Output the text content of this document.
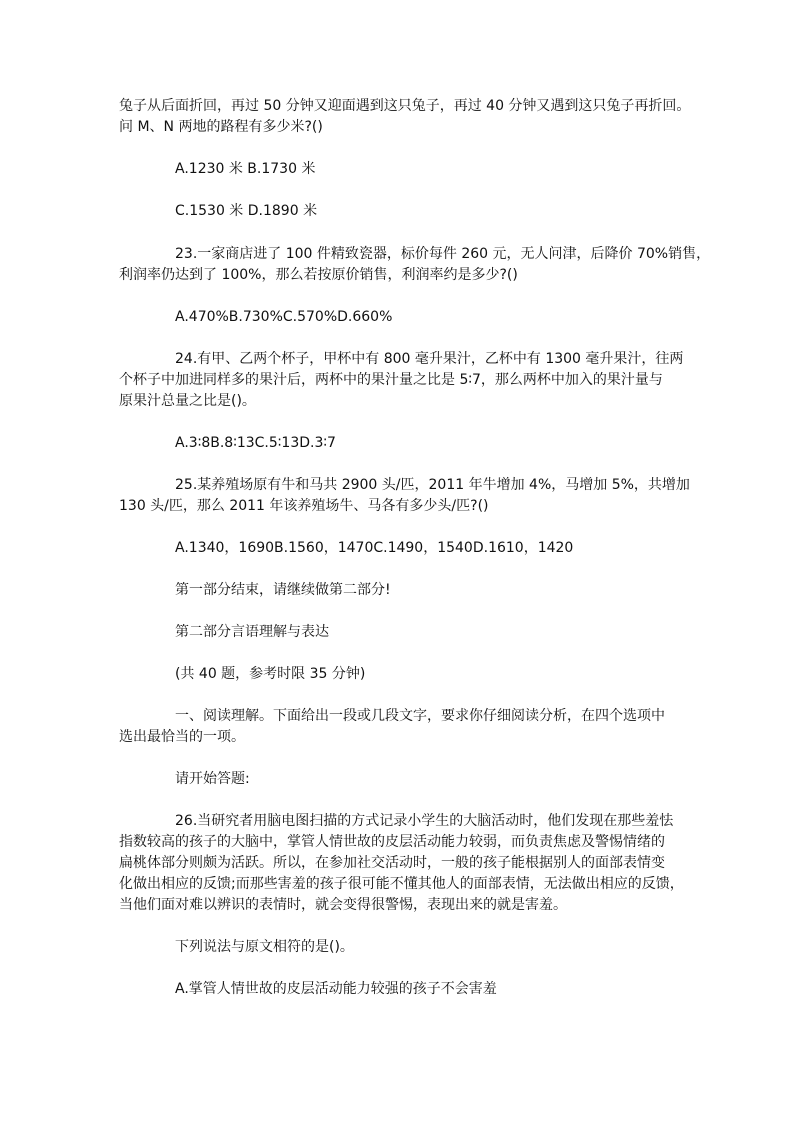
兔子从后面折回，再过 50 分钟又迎面遇到这只兔子，再过 40 分钟又遇到这只兔子再折回。
问 M、N 两地的路程有多少米?()

A.1230 米 B.1730 米

C.1530 米 D.1890 米

23.一家商店进了 100 件精致瓷器，标价每件 260 元，无人问津，后降价 70%销售，
利润率仍达到了 100%，那么若按原价销售，利润率约是多少?()

A.470%B.730%C.570%D.660%

24.有甲、乙两个杯子，甲杯中有 800 毫升果汁，乙杯中有 1300 毫升果汁，往两
个杯子中加进同样多的果汁后，两杯中的果汁量之比是 5∶7，那么两杯中加入的果汁量与
原果汁总量之比是()。

A.3∶8B.8∶13C.5∶13D.3∶7

25.某养殖场原有牛和马共 2900 头/匹，2011 年牛增加 4%，马增加 5%，共增加
130 头/匹，那么 2011 年该养殖场牛、马各有多少头/匹?()

A.1340，1690B.1560，1470C.1490，1540D.1610，1420

第一部分结束，请继续做第二部分!

第二部分言语理解与表达

(共 40 题，参考时限 35 分钟)

一、阅读理解。下面给出一段或几段文字，要求你仔细阅读分析，在四个选项中
选出最恰当的一项。

请开始答题:

26.当研究者用脑电图扫描的方式记录小学生的大脑活动时，他们发现在那些羞怯
指数较高的孩子的大脑中，掌管人情世故的皮层活动能力较弱，而负责焦虑及警惕情绪的
扁桃体部分则颇为活跃。所以，在参加社交活动时，一般的孩子能根据别人的面部表情变
化做出相应的反馈;而那些害羞的孩子很可能不懂其他人的面部表情，无法做出相应的反馈，
当他们面对难以辨识的表情时，就会变得很警惕，表现出来的就是害羞。

下列说法与原文相符的是()。

A.掌管人情世故的皮层活动能力较强的孩子不会害羞
